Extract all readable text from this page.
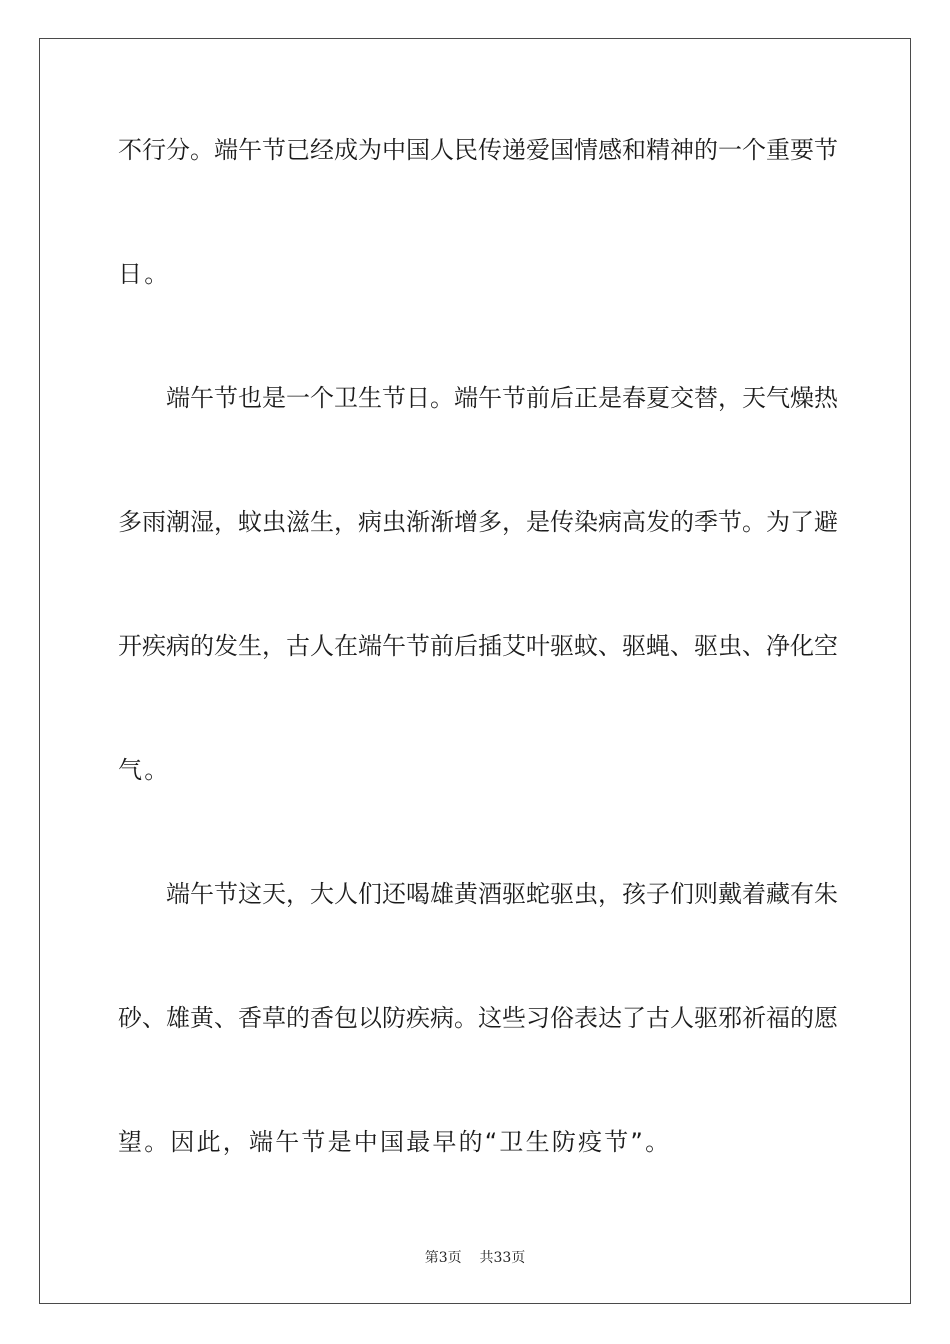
不行分。端午节已经成为中国人民传递爱国情感和精神的一个重要节
日。
端午节也是一个卫生节日。端午节前后正是春夏交替，天气燥热
多雨潮湿，蚊虫滋生，病虫渐渐增多，是传染病高发的季节。为了避
开疾病的发生，古人在端午节前后插艾叶驱蚊、驱蝇、驱虫、净化空
气。
端午节这天，大人们还喝雄黄酒驱蛇驱虫，孩子们则戴着藏有朱
砂、雄黄、香草的香包以防疾病。这些习俗表达了古人驱邪祈福的愿
望。因此，端午节是中国最早的“卫生防疫节”。
第3页    共33页
